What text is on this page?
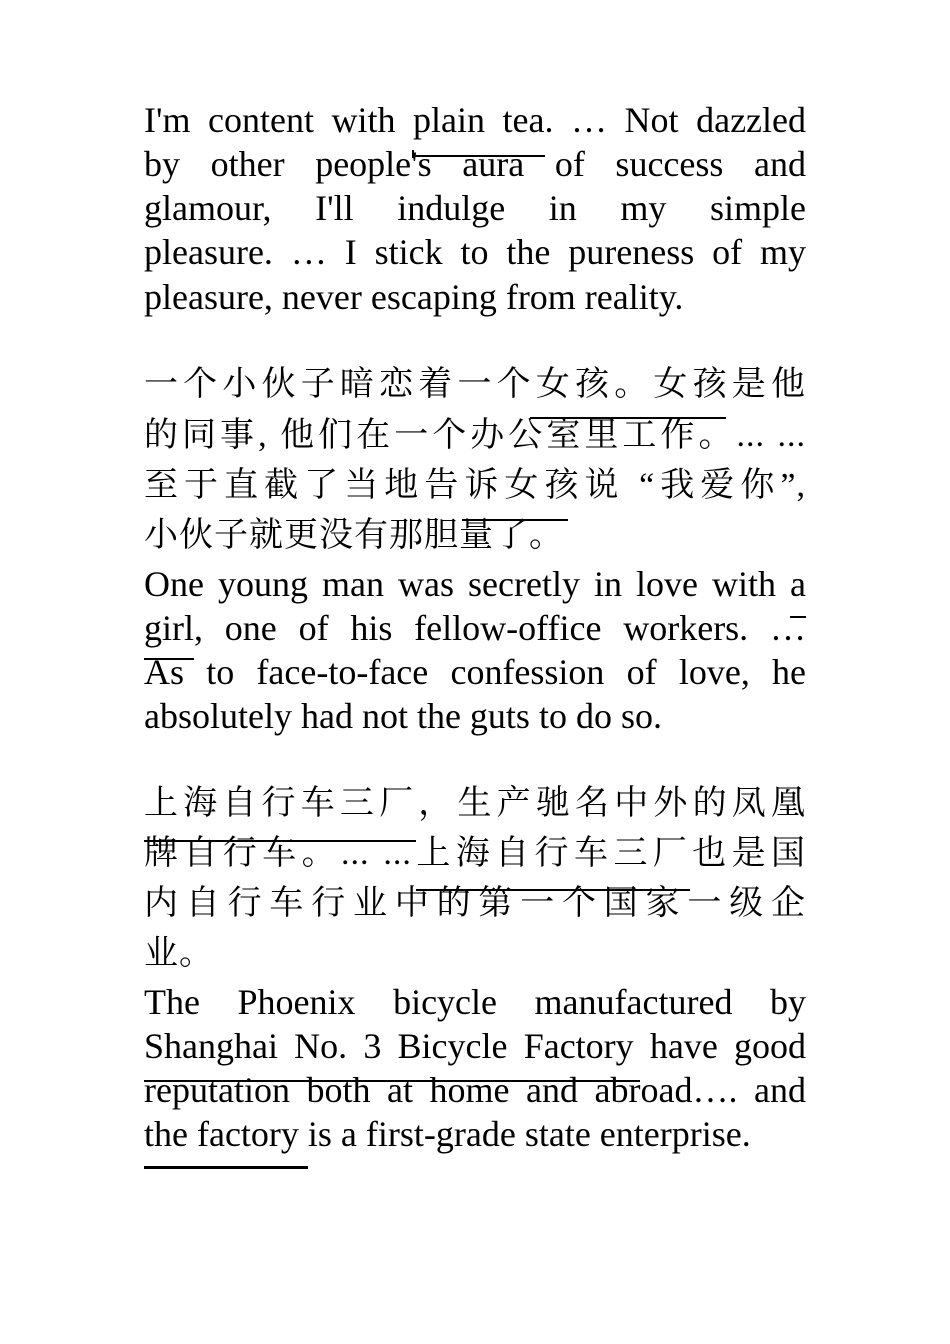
I'm content with plain tea. … Not dazzled
by other people's aura of success and
glamour, I'll indulge in my simple
pleasure. … I stick to the pureness of my
pleasure, never escaping from reality.
一个小伙子暗恋着一个女孩。女孩是他
的同事, 他们在一个办公室里工作。... ...
至于直截了当地告诉女孩说 “我爱你”,
小伙子就更没有那胆量了。
One young man was secretly in love with a
girl, one of his fellow-office workers. …
As to face-to-face confession of love, he
absolutely had not the guts to do so.
上海自行车三厂，生产驰名中外的凤凰
牌自行车。... ...上海自行车三厂也是国
内自行车行业中的第一个国家一级企
业。
The Phoenix bicycle manufactured by
Shanghai No. 3 Bicycle Factory have good
reputation both at home and abroad…. and
the factory is a first-grade state enterprise.
